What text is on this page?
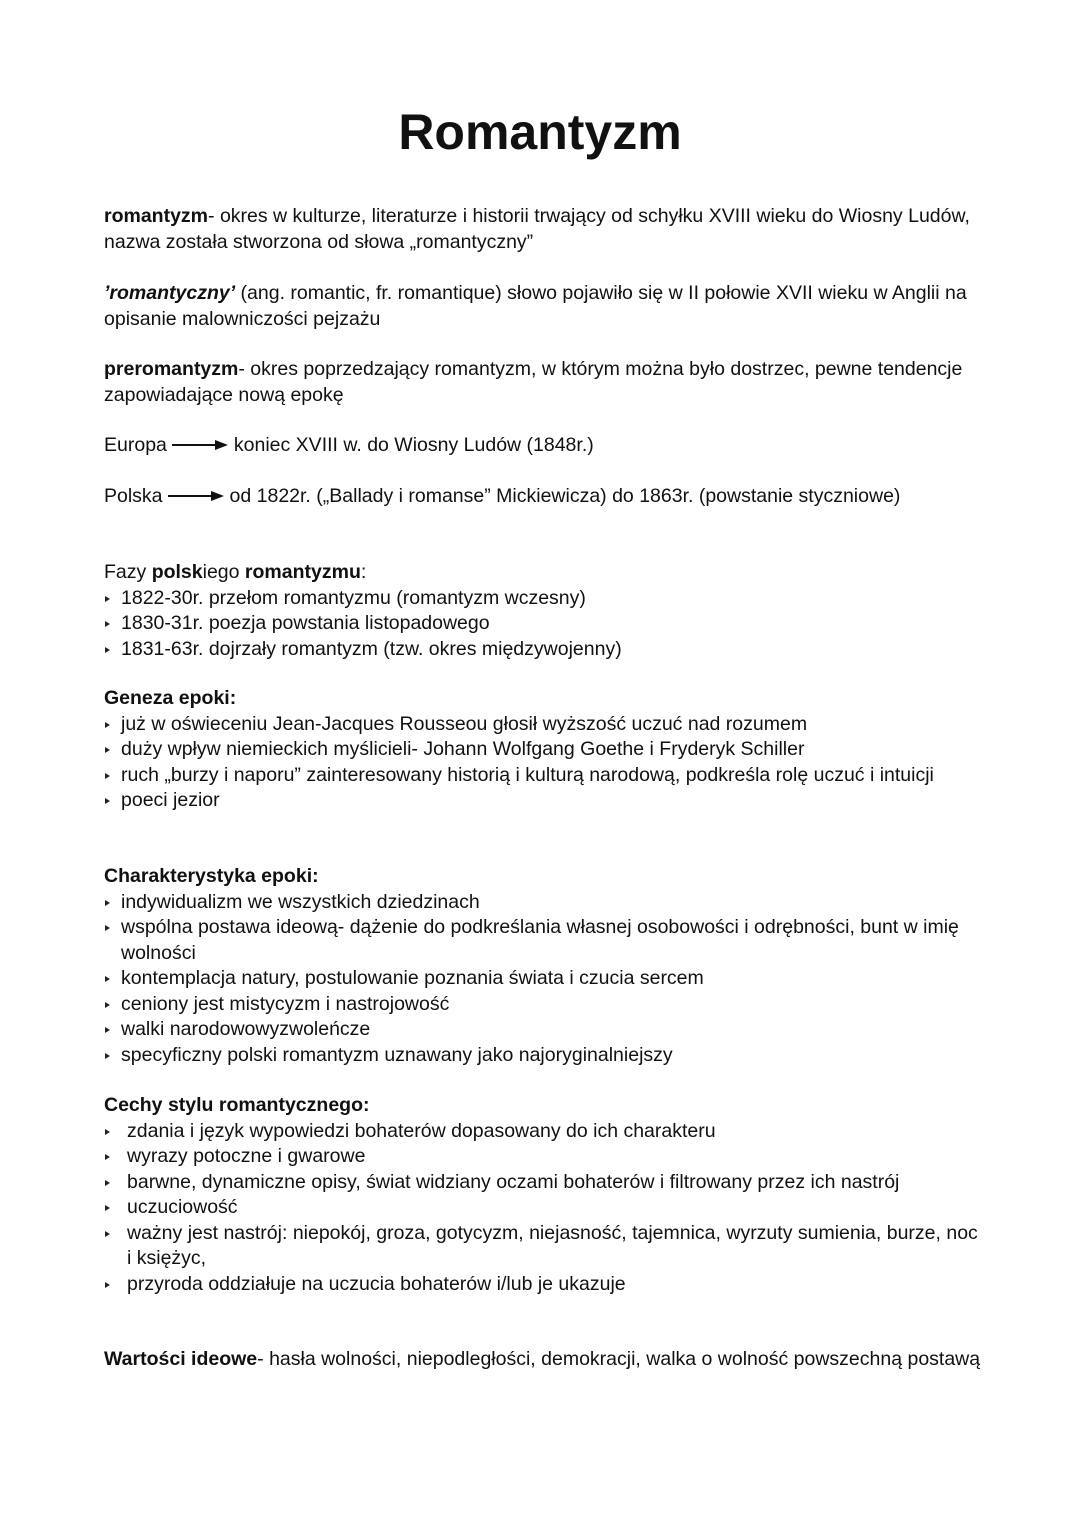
Romantyzm

romantyzm- okres w kulturze, literaturze i historii trwający od schyłku XVIII wieku do Wiosny Ludów, nazwa została stworzona od słowa „romantyczny”

’romantyczny’ (ang. romantic, fr. romantique) słowo pojawiło się w II połowie XVII wieku w Anglii na opisanie malowniczości pejzażu

preromantyzm- okres poprzedzający romantyzm, w którym można było dostrzec, pewne tendencje zapowiadające nową epokę

Europa	koniec XVIII w. do Wiosny Ludów (1848r.)

Polska	od 1822r. („Ballady i romanse” Mickiewicza) do 1863r. (powstanie styczniowe)

Fazy polskiego romantyzmu:

1822-30r. przełom romantyzmu (romantyzm wczesny)
1830-31r. poezja powstania listopadowego
1831-63r. dojrzały romantyzm (tzw. okres międzywojenny)

Geneza epoki:

już w oświeceniu Jean-Jacques Rousseou głosił wyższość uczuć nad rozumem
duży wpływ niemieckich myślicieli- Johann Wolfgang Goethe i Fryderyk Schiller
ruch „burzy i naporu” zainteresowany historią i kulturą narodową, podkreśla rolę uczuć i intuicji
poeci jezior

Charakterystyka epoki:

indywidualizm we wszystkich dziedzinach
wspólna postawa ideową- dążenie do podkreślania własnej osobowości i odrębności, bunt w imię wolności
kontemplacja natury, postulowanie poznania świata i czucia sercem
ceniony jest mistycyzm i nastrojowość
walki narodowowyzwoleńcze
specyficzny polski romantyzm uznawany jako najoryginalniejszy

Cechy stylu romantycznego:

zdania i język wypowiedzi bohaterów dopasowany do ich charakteru
wyrazy potoczne i gwarowe
barwne, dynamiczne opisy, świat widziany oczami bohaterów i filtrowany przez ich nastrój
uczuciowość
ważny jest nastrój: niepokój, groza, gotycyzm, niejasność, tajemnica, wyrzuty sumienia, burze, noc i księżyc,
przyroda oddziałuje na uczucia bohaterów i/lub je ukazuje

Wartości ideowe- hasła wolności, niepodległości, demokracji, walka o wolność powszechną postawą
